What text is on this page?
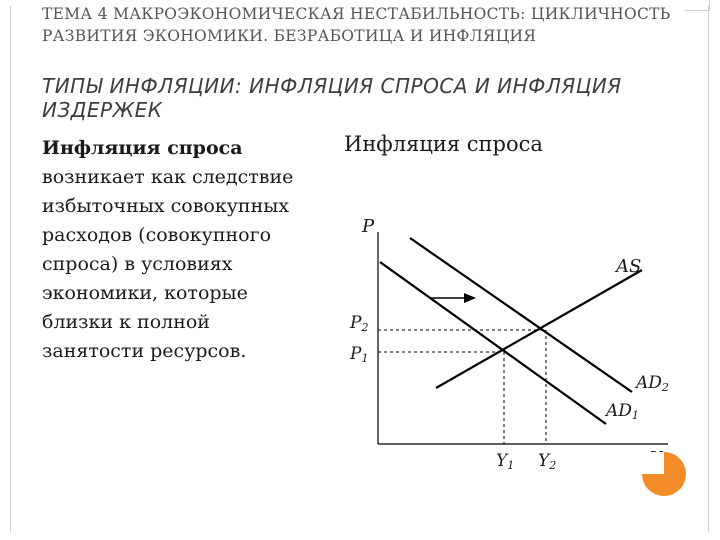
ТЕМА 4 МАКРОЭКОНОМИЧЕСКАЯ НЕСТАБИЛЬНОСТЬ: ЦИКЛИЧНОСТЬ РАЗВИТИЯ ЭКОНОМИКИ. БЕЗРАБОТИЦА И ИНФЛЯЦИЯ
ТИПЫ ИНФЛЯЦИИ: ИНФЛЯЦИЯ СПРОСА И ИНФЛЯЦИЯ ИЗДЕРЖЕК
Инфляция спроса возникает как следствие избыточных совокупных расходов (совокупного спроса) в условиях экономики, которые близки к полной занятости ресурсов.
Инфляция спроса
P
AS
AD2
AD1
P2
P1
Y1 Y2
